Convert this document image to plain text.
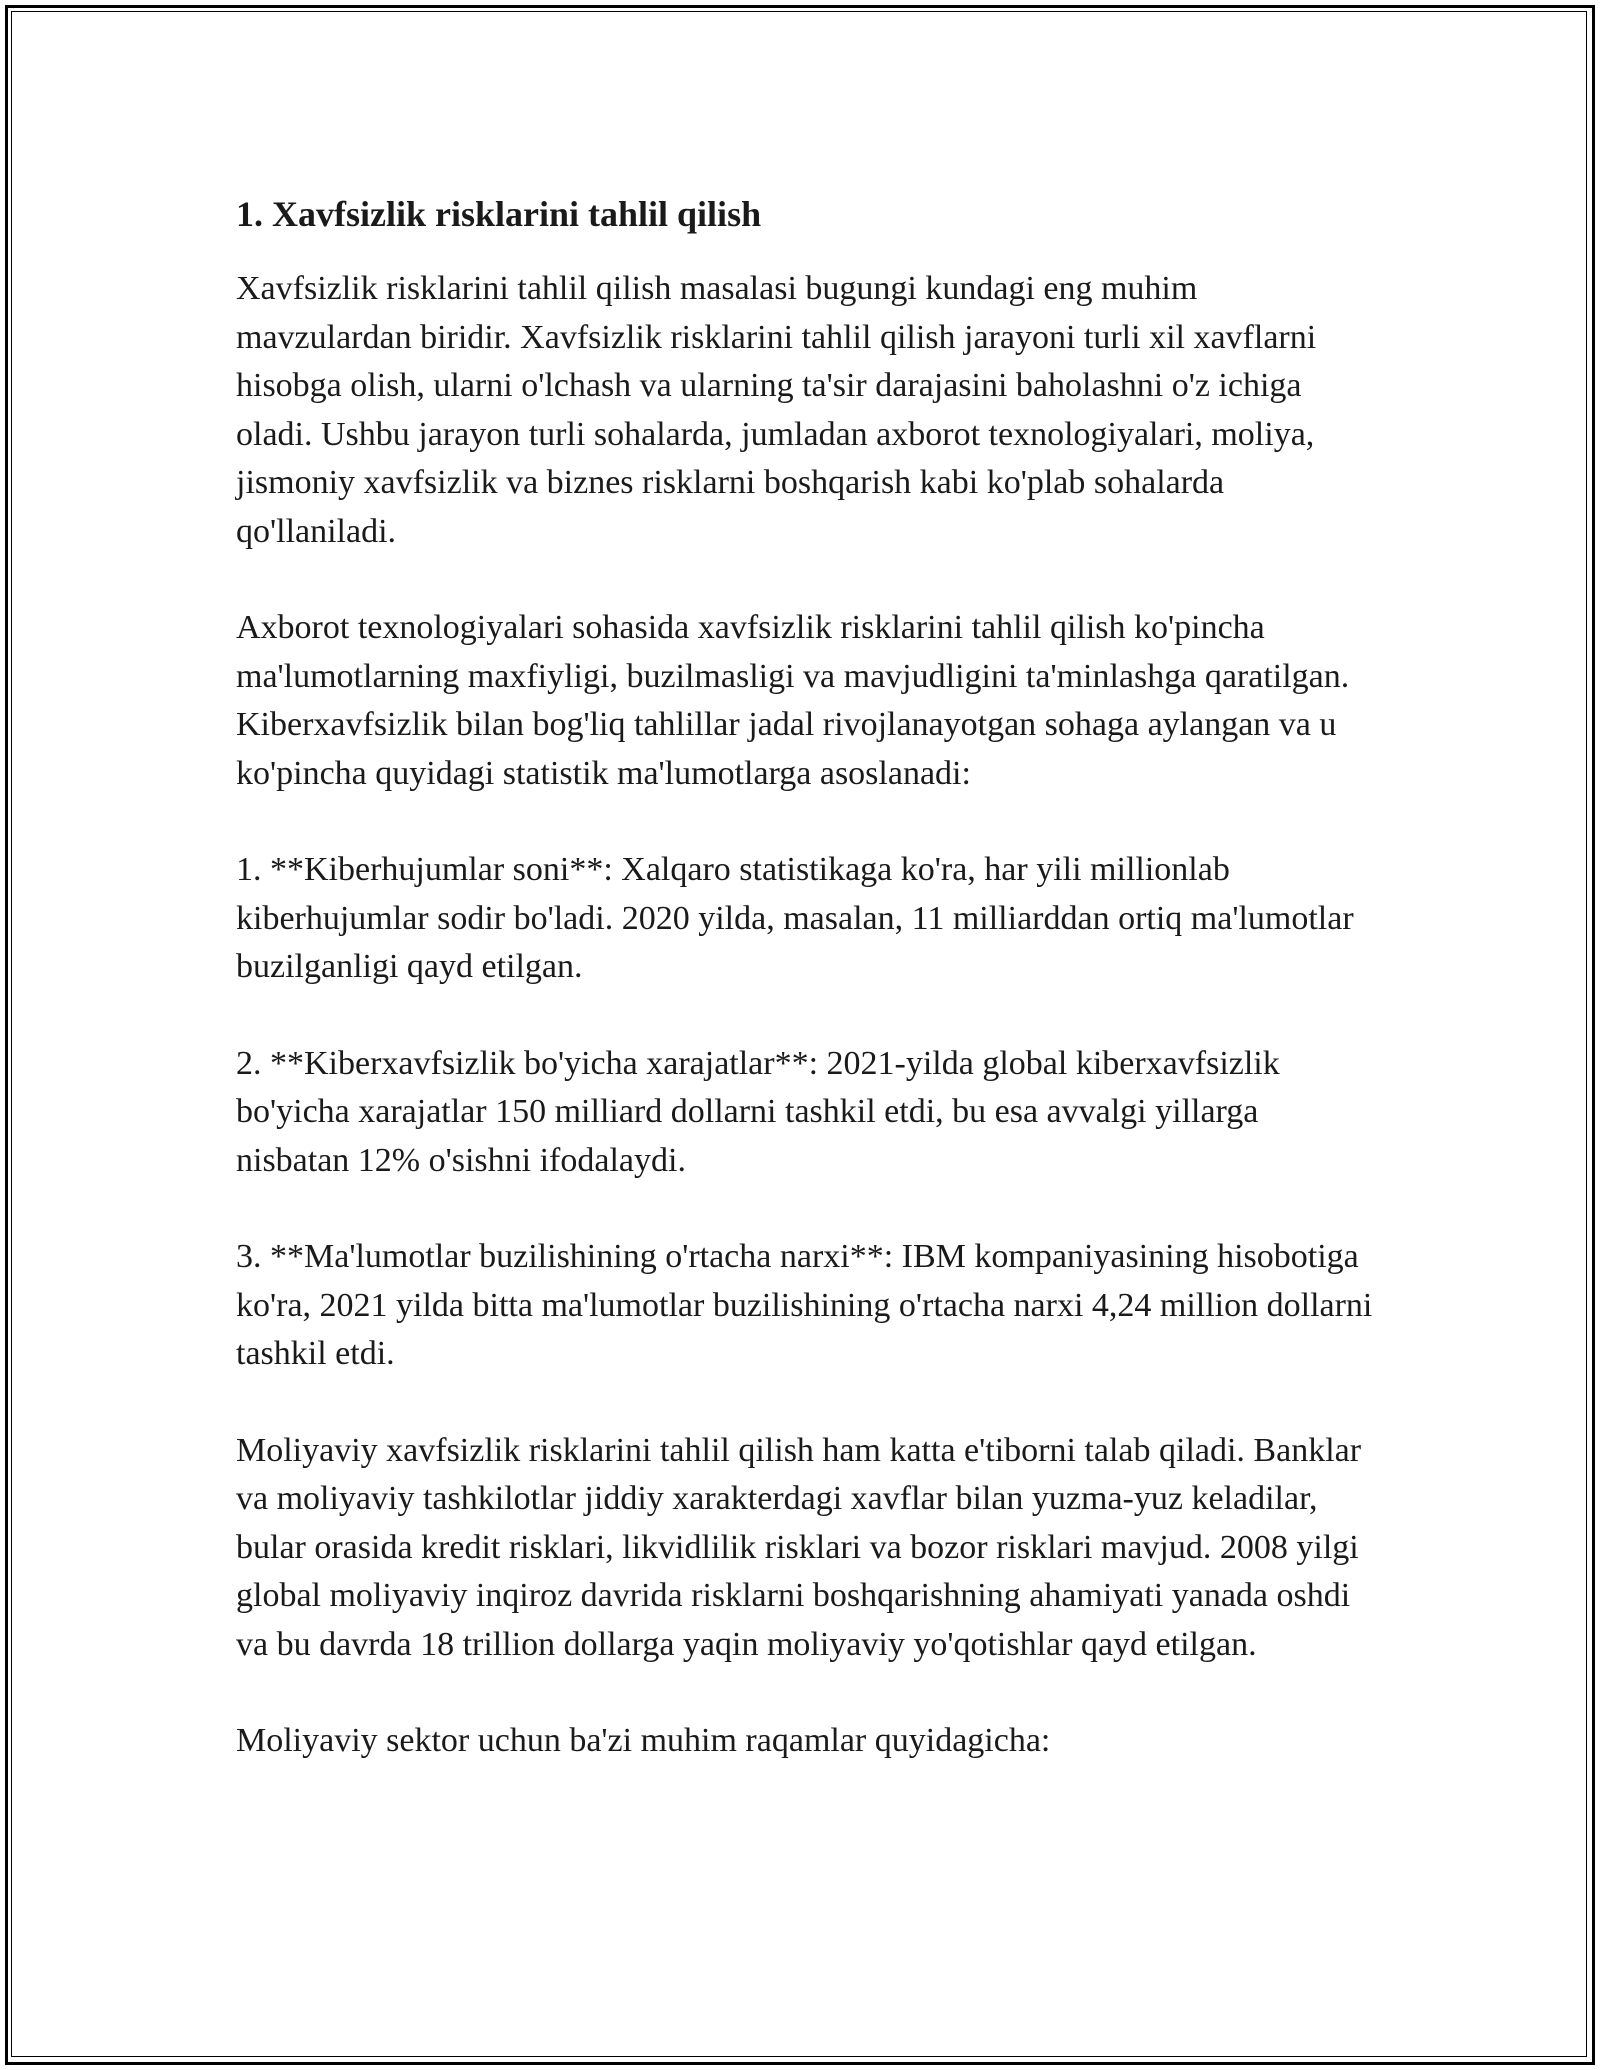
1. Xavfsizlik risklarini tahlil qilish

Xavfsizlik risklarini tahlil qilish masalasi bugungi kundagi eng muhim mavzulardan biridir. Xavfsizlik risklarini tahlil qilish jarayoni turli xil xavflarni hisobga olish, ularni o'lchash va ularning ta'sir darajasini baholashni o'z ichiga oladi. Ushbu jarayon turli sohalarda, jumladan axborot texnologiyalari, moliya, jismoniy xavfsizlik va biznes risklarni boshqarish kabi ko'plab sohalarda qo'llaniladi.

Axborot texnologiyalari sohasida xavfsizlik risklarini tahlil qilish ko'pincha ma'lumotlarning maxfiyligi, buzilmasligi va mavjudligini ta'minlashga qaratilgan. Kiberxavfsizlik bilan bog'liq tahlillar jadal rivojlanayotgan sohaga aylangan va u ko'pincha quyidagi statistik ma'lumotlarga asoslanadi:

1. **Kiberhujumlar soni**: Xalqaro statistikaga ko'ra, har yili millionlab kiberhujumlar sodir bo'ladi. 2020 yilda, masalan, 11 milliarddan ortiq ma'lumotlar buzilganligi qayd etilgan.

2. **Kiberxavfsizlik bo'yicha xarajatlar**: 2021-yilda global kiberxavfsizlik bo'yicha xarajatlar 150 milliard dollarni tashkil etdi, bu esa avvalgi yillarga nisbatan 12% o'sishni ifodalaydi.

3. **Ma'lumotlar buzilishining o'rtacha narxi**: IBM kompaniyasining hisobotiga ko'ra, 2021 yilda bitta ma'lumotlar buzilishining o'rtacha narxi 4,24 million dollarni tashkil etdi.

Moliyaviy xavfsizlik risklarini tahlil qilish ham katta e'tiborni talab qiladi. Banklar va moliyaviy tashkilotlar jiddiy xarakterdagi xavflar bilan yuzma-yuz keladilar, bular orasida kredit risklari, likvidlilik risklari va bozor risklari mavjud. 2008 yilgi global moliyaviy inqiroz davrida risklarni boshqarishning ahamiyati yanada oshdi va bu davrda 18 trillion dollarga yaqin moliyaviy yo'qotishlar qayd etilgan.

Moliyaviy sektor uchun ba'zi muhim raqamlar quyidagicha:
